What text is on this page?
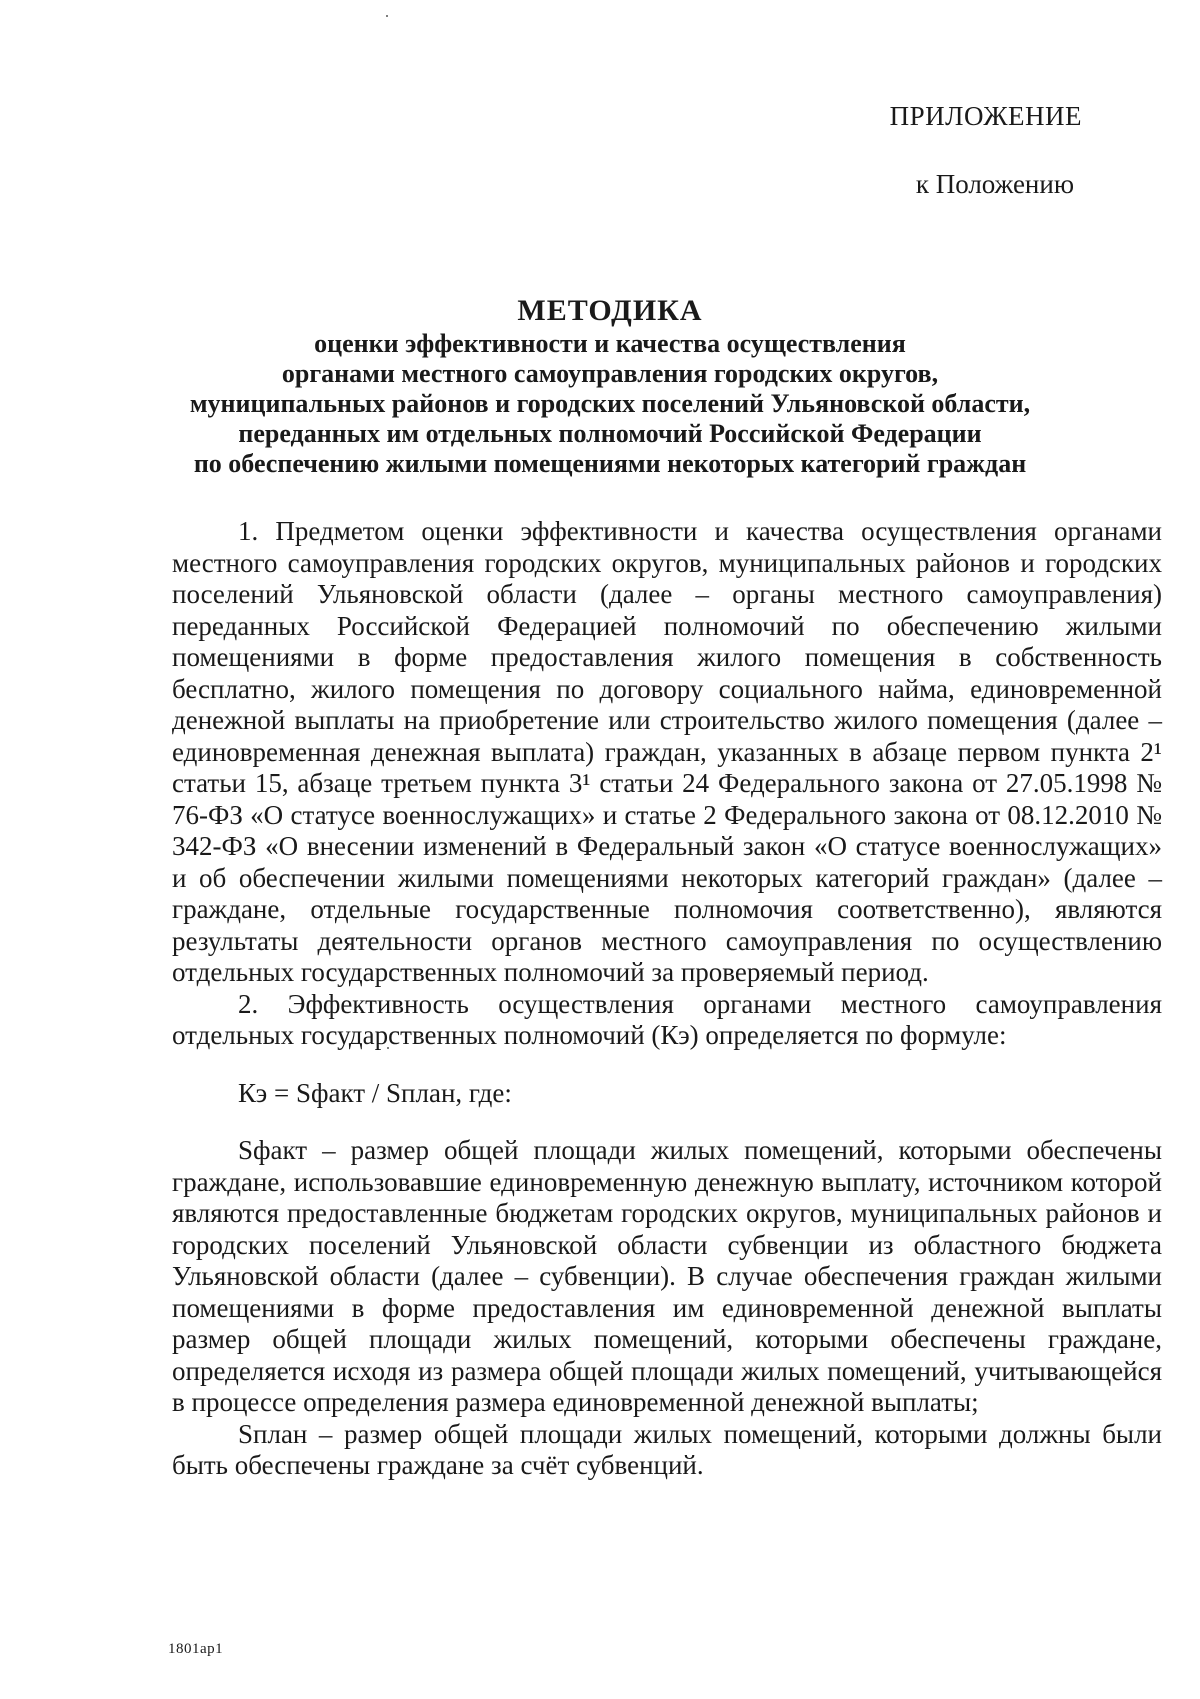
ПРИЛОЖЕНИЕ
к Положению
МЕТОДИКА
оценки эффективности и качества осуществления
органами местного самоуправления городских округов,
муниципальных районов и городских поселений Ульяновской области,
переданных им отдельных полномочий Российской Федерации
по обеспечению жилыми помещениями некоторых категорий граждан

1. Предметом оценки эффективности и качества осуществления органами местного самоуправления городских округов, муниципальных районов и городских поселений Ульяновской области (далее – органы местного самоуправления) переданных Российской Федерацией полномочий по обеспечению жилыми помещениями в форме предоставления жилого помещения в собственность бесплатно, жилого помещения по договору социального найма, единовременной денежной выплаты на приобретение или строительство жилого помещения (далее – единовременная денежная выплата) граждан, указанных в абзаце первом пункта 2¹ статьи 15, абзаце третьем пункта 3¹ статьи 24 Федерального закона от 27.05.1998 № 76-ФЗ «О статусе военнослужащих» и статье 2 Федерального закона от 08.12.2010 № 342-ФЗ «О внесении изменений в Федеральный закон «О статусе военнослужащих» и об обеспечении жилыми помещениями некоторых категорий граждан» (далее – граждане, отдельные государственные полномочия соответственно), являются результаты деятельности органов местного самоуправления по осуществлению отдельных государственных полномочий за проверяемый период.

2. Эффективность осуществления органами местного самоуправления отдельных государственных полномочий (Кэ) определяется по формуле:

Кэ = Sфакт / Sплан, где:

Sфакт – размер общей площади жилых помещений, которыми обеспечены граждане, использовавшие единовременную денежную выплату, источником которой являются предоставленные бюджетам городских округов, муниципальных районов и городских поселений Ульяновской области субвенции из областного бюджета Ульяновской области (далее – субвенции). В случае обеспечения граждан жилыми помещениями в форме предоставления им единовременной денежной выплаты размер общей площади жилых помещений, которыми обеспечены граждане, определяется исходя из размера общей площади жилых помещений, учитывающейся в процессе определения размера единовременной денежной выплаты;

Sплан – размер общей площади жилых помещений, которыми должны были быть обеспечены граждане за счёт субвенций.

1801ap1
